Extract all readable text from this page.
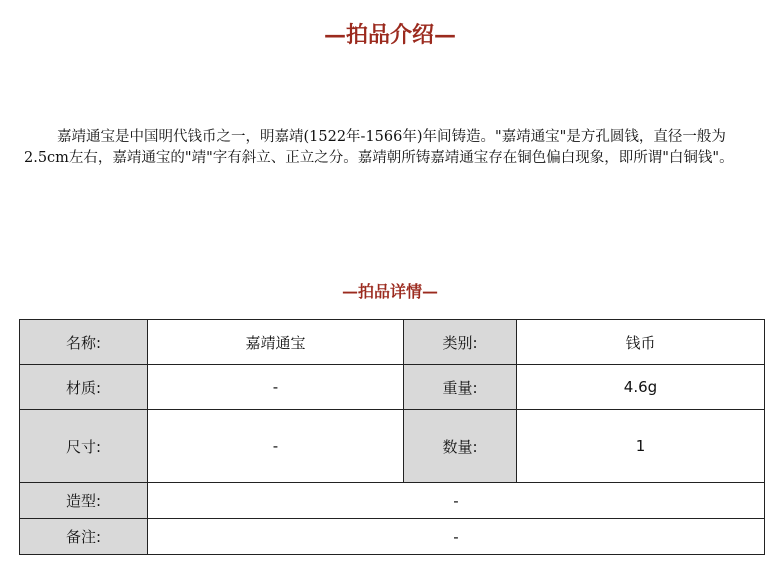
—拍品介绍—
嘉靖通宝是中国明代钱币之一，明嘉靖(1522年-1566年)年间铸造。"嘉靖通宝"是方孔圆钱，直径一般为2.5cm左右，嘉靖通宝的"靖"字有斜立、正立之分。嘉靖朝所铸嘉靖通宝存在铜色偏白现象，即所谓"白铜钱"。
—拍品详情—
名称:	嘉靖通宝	类别:	钱币
材质:	-	重量:	4.6g
尺寸:	-	数量:	1
造型:	-		
备注:	-		
